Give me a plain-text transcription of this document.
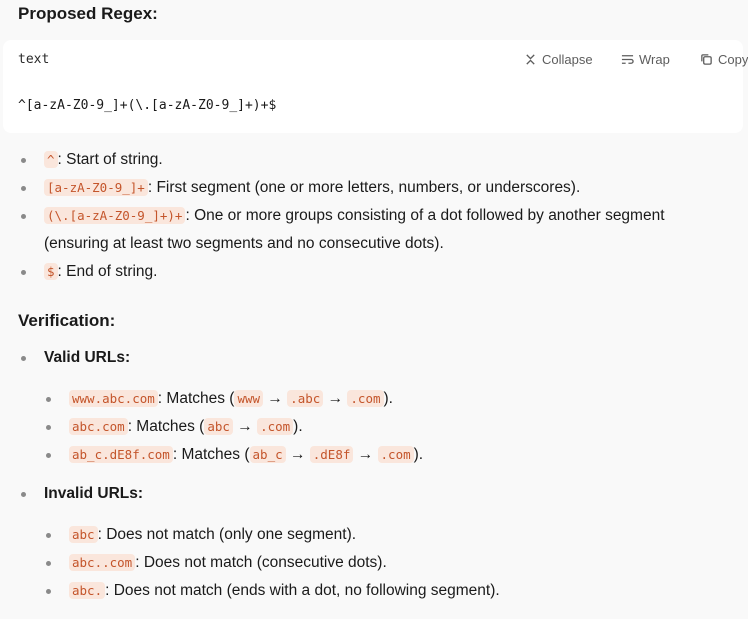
Proposed Regex:
text	Collapse	Wrap	Copy
^[a-zA-Z0-9_]+(\.[a-zA-Z0-9_]+)+$
^ : Start of string.
[a-zA-Z0-9_]+ : First segment (one or more letters, numbers, or underscores).
(\.[a-zA-Z0-9_]+)+ : One or more groups consisting of a dot followed by another segment
(ensuring at least two segments and no consecutive dots).
$ : End of string.
Verification:
Valid URLs:
www.abc.com : Matches ( www → .abc → .com ).
abc.com : Matches ( abc → .com ).
ab_c.dE8f.com : Matches ( ab_c → .dE8f → .com ).
Invalid URLs:
abc : Does not match (only one segment).
abc..com : Does not match (consecutive dots).
abc. : Does not match (ends with a dot, no following segment).
